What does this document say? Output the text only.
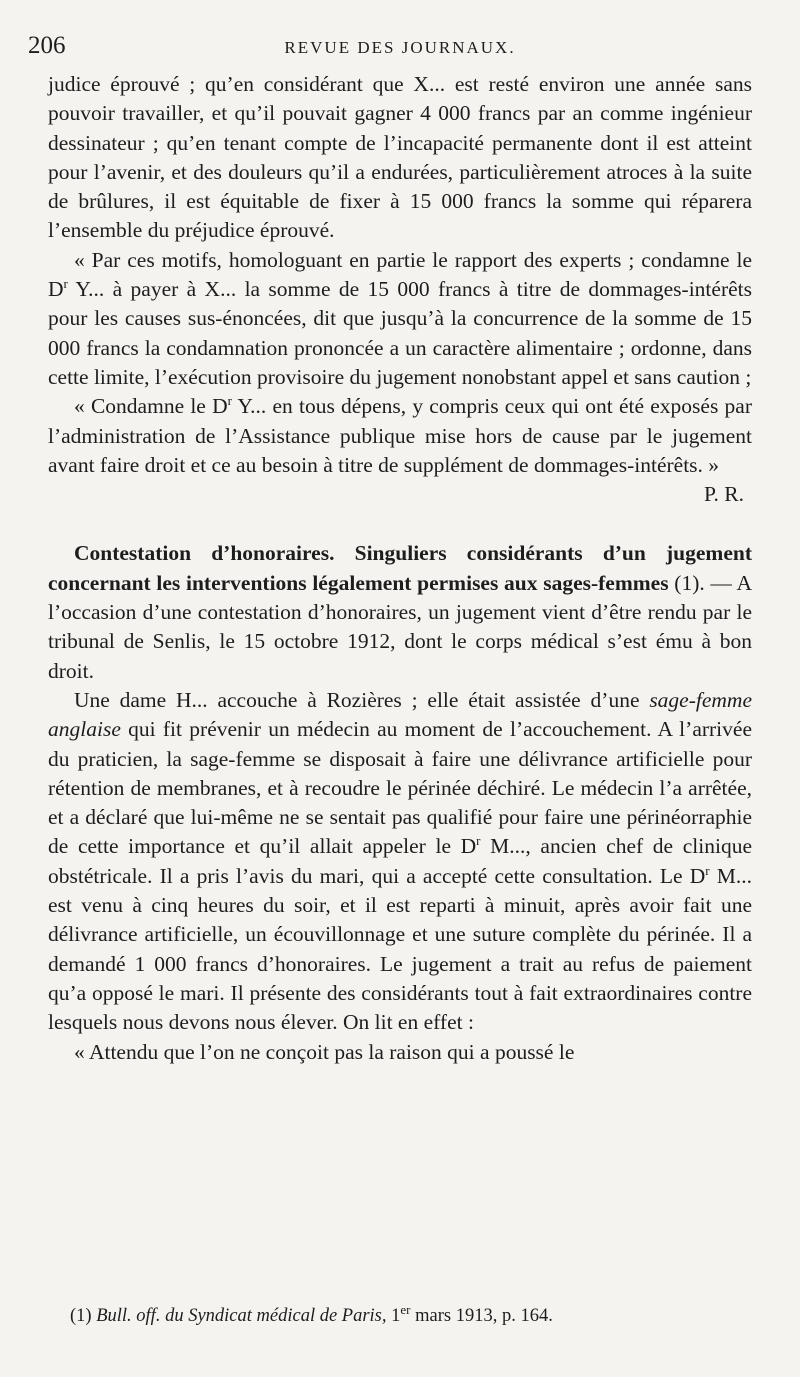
206	REVUE DES JOURNAUX.

judice éprouvé ; qu’en considérant que X... est resté environ une année sans pouvoir travailler, et qu’il pouvait gagner 4 000 francs par an comme ingénieur dessinateur ; qu’en tenant compte de l’incapacité permanente dont il est atteint pour l’avenir, et des douleurs qu’il a endurées, particulièrement atroces à la suite de brûlures, il est équitable de fixer à 15 000 francs la somme qui réparera l’ensemble du préjudice éprouvé.

« Par ces motifs, homologuant en partie le rapport des experts ; condamne le $D^r$ Y... à payer à X... la somme de 15 000 francs à titre de dommages-intérêts pour les causes sus-énoncées, dit que jusqu’à la concurrence de la somme de 15 000 francs la condamnation prononcée a un caractère alimentaire ; ordonne, dans cette limite, l’exécution provisoire du jugement nonobstant appel et sans caution ;

« Condamne le $D^r$ Y... en tous dépens, y compris ceux qui ont été exposés par l’administration de l’Assistance publique mise hors de cause par le jugement avant faire droit et ce au besoin à titre de supplément de dommages-intérêts. »

P. R.

Contestation d’honoraires. Singuliers considérants d’un jugement concernant les interventions légalement permises aux sages-femmes (1). — A l’occasion d’une contestation d’honoraires, un jugement vient d’être rendu par le tribunal de Senlis, le 15 octobre 1912, dont le corps médical s’est ému à bon droit.

Une dame H... accouche à Rozières ; elle était assistée d’une sage-femme anglaise qui fit prévenir un médecin au moment de l’accouchement. A l’arrivée du praticien, la sage-femme se disposait à faire une délivrance artificielle pour rétention de membranes, et à recoudre le périnée déchiré. Le médecin l’a arrêtée, et a déclaré que lui-même ne se sentait pas qualifié pour faire une périnéorraphie de cette importance et qu’il allait appeler le $D^r$ M..., ancien chef de clinique obstétricale. Il a pris l’avis du mari, qui a accepté cette consultation. Le $D^r$ M... est venu à cinq heures du soir, et il est reparti à minuit, après avoir fait une délivrance artificielle, un écouvillonnage et une suture complète du périnée. Il a demandé 1 000 francs d’honoraires. Le jugement a trait au refus de paiement qu’a opposé le mari. Il présente des considérants tout à fait extraordinaires contre lesquels nous devons nous élever. On lit en effet :

« Attendu que l’on ne conçoit pas la raison qui a poussé le

(1) Bull. off. du Syndicat médical de Paris, 1er mars 1913, p. 164.
